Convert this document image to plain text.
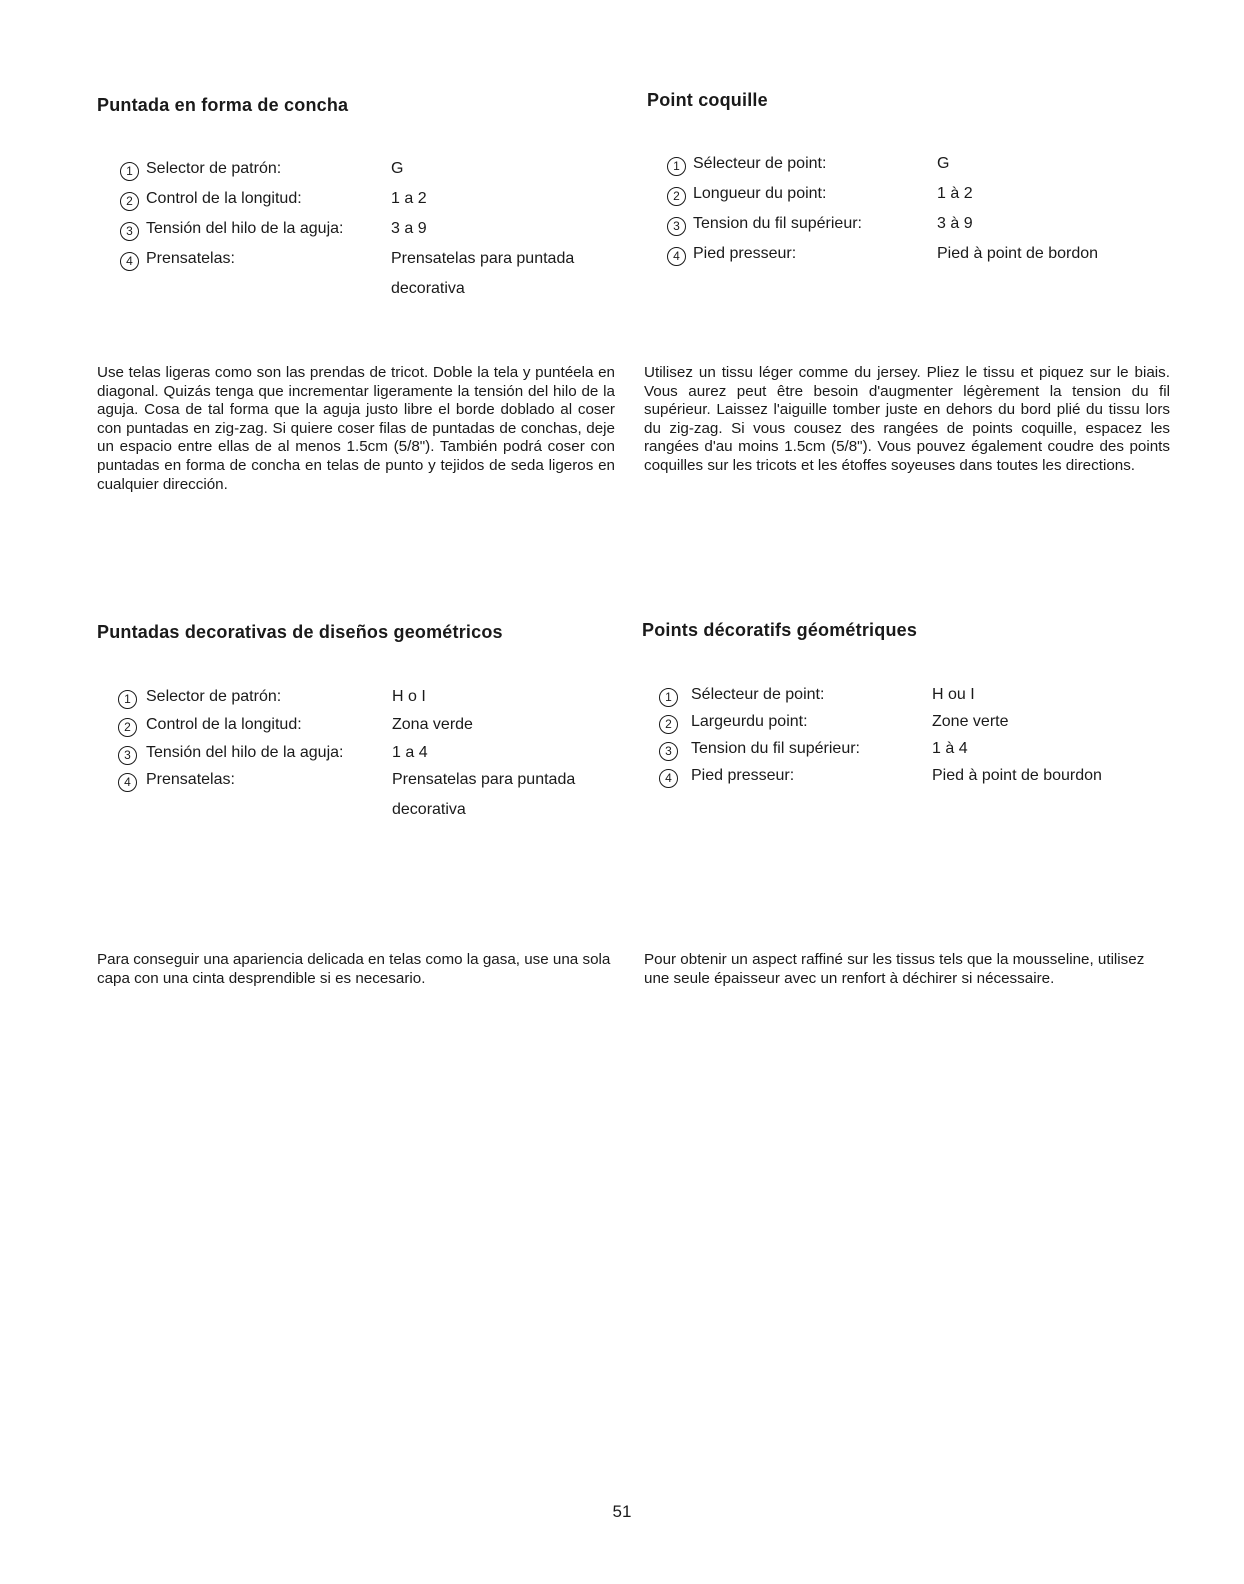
Puntada en forma de concha
1 Selector de patrón:	G
2 Control de la longitud:	1 a 2
3 Tensión del hilo de la aguja:	3 a 9
4 Prensatelas:	Prensatelas para puntada decorativa

Use telas ligeras como son las prendas de tricot. Doble la tela y puntéela en diagonal. Quizás tenga que incrementar ligeramente la tensión del hilo de la aguja. Cosa de tal forma que la aguja justo libre el borde doblado al coser con puntadas en zig-zag. Si quiere coser filas de puntadas de conchas, deje un espacio entre ellas de al menos 1.5cm (5/8"). También podrá coser con puntadas en forma de concha en telas de punto y tejidos de seda ligeros en cualquier dirección.

Point coquille
1 Sélecteur de point:	G
2 Longueur du point:	1 à 2
3 Tension du fil supérieur:	3 à 9
4 Pied presseur:	Pied à point de bordon

Utilisez un tissu léger comme du jersey. Pliez le tissu et piquez sur le biais. Vous aurez peut être besoin d'augmenter légèrement la tension du fil supérieur. Laissez l'aiguille tomber juste en dehors du bord plié du tissu lors du zig-zag. Si vous cousez des rangées de points coquille, espacez les rangées d'au moins 1.5cm (5/8"). Vous pouvez également coudre des points coquilles sur les tricots et les étoffes soyeuses dans toutes les directions.

Puntadas decorativas de diseños geométricos
1 Selector de patrón:	H o I
2 Control de la longitud:	Zona verde
3 Tensión del hilo de la aguja:	1 a 4
4 Prensatelas:	Prensatelas para puntada decorativa

Para conseguir una apariencia delicada en telas como la gasa, use una sola capa con una cinta desprendible si es necesario.

Points décoratifs géométriques
1	Sélecteur de point:	H ou I
2	Largeurdu point:	Zone verte
3	Tension du fil supérieur:	1 à 4
4	Pied presseur:	Pied à point de bourdon

Pour obtenir un aspect raffiné sur les tissus tels que la mousseline, utilisez une seule épaisseur avec un renfort à déchirer si nécessaire.

51
